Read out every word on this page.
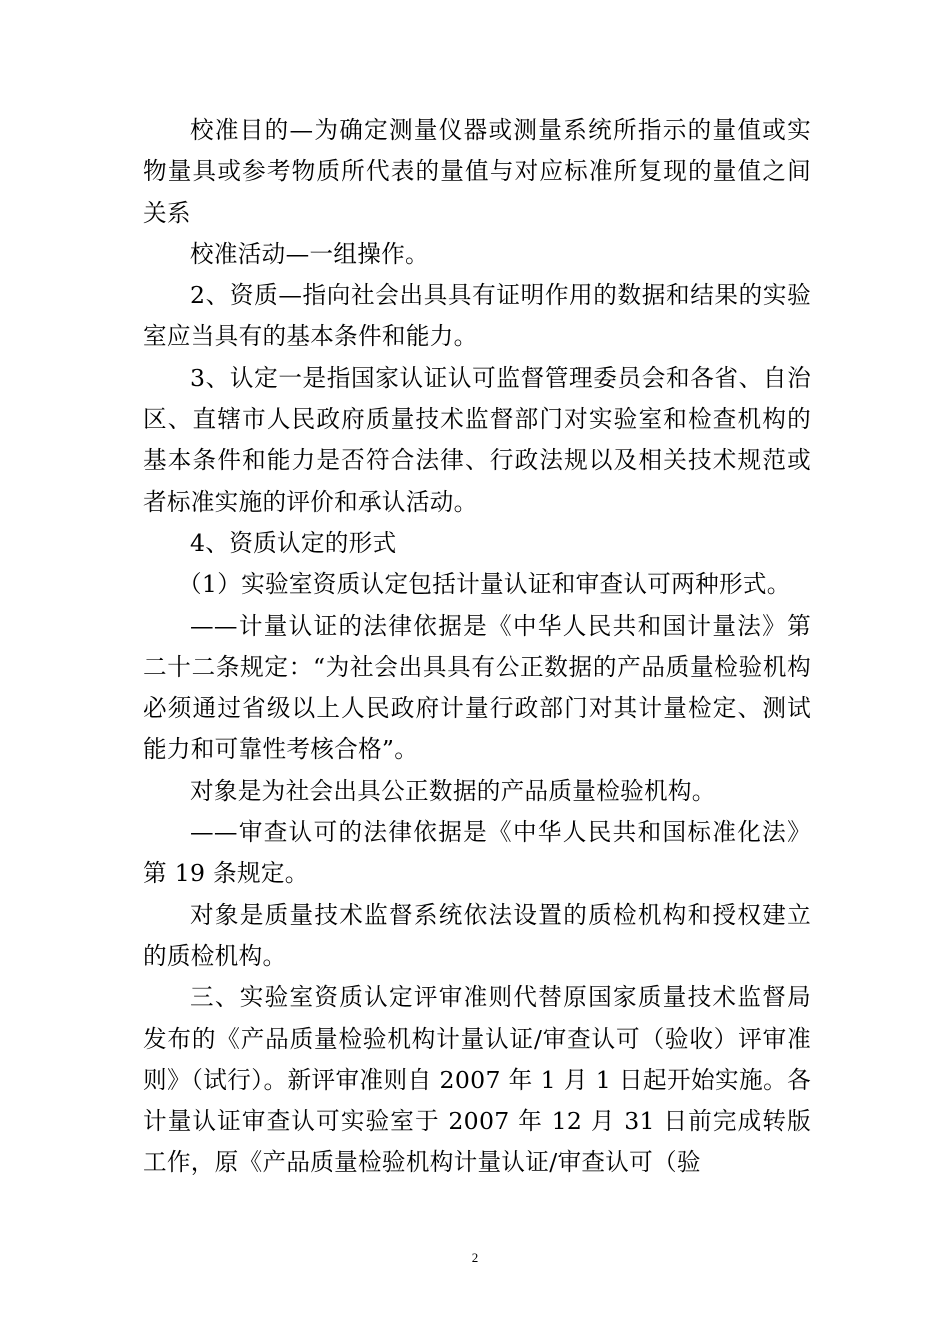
校准目的—为确定测量仪器或测量系统所指示的量值或实物量具或参考物质所代表的量值与对应标准所复现的量值之间关系

校准活动—一组操作。

2、资质—指向社会出具具有证明作用的数据和结果的实验室应当具有的基本条件和能力。

3、认定一是指国家认证认可监督管理委员会和各省、自治区、直辖市人民政府质量技术监督部门对实验室和检查机构的基本条件和能力是否符合法律、行政法规以及相关技术规范或者标准实施的评价和承认活动。

4、资质认定的形式

（1）实验室资质认定包括计量认证和审查认可两种形式。

——计量认证的法律依据是《中华人民共和国计量法》第二十二条规定：“为社会出具具有公正数据的产品质量检验机构必须通过省级以上人民政府计量行政部门对其计量检定、测试能力和可靠性考核合格”。

对象是为社会出具公正数据的产品质量检验机构。

——审查认可的法律依据是《中华人民共和国标准化法》第 19 条规定。

对象是质量技术监督系统依法设置的质检机构和授权建立的质检机构。

三、实验室资质认定评审准则代替原国家质量技术监督局发布的《产品质量检验机构计量认证/审查认可（验收）评审准则》（试行）。新评审准则自 2007 年 1 月 1 日起开始实施。各计量认证审查认可实验室于 2007 年 12 月 31 日前完成转版工作，原《产品质量检验机构计量认证/审查认可（验

2
